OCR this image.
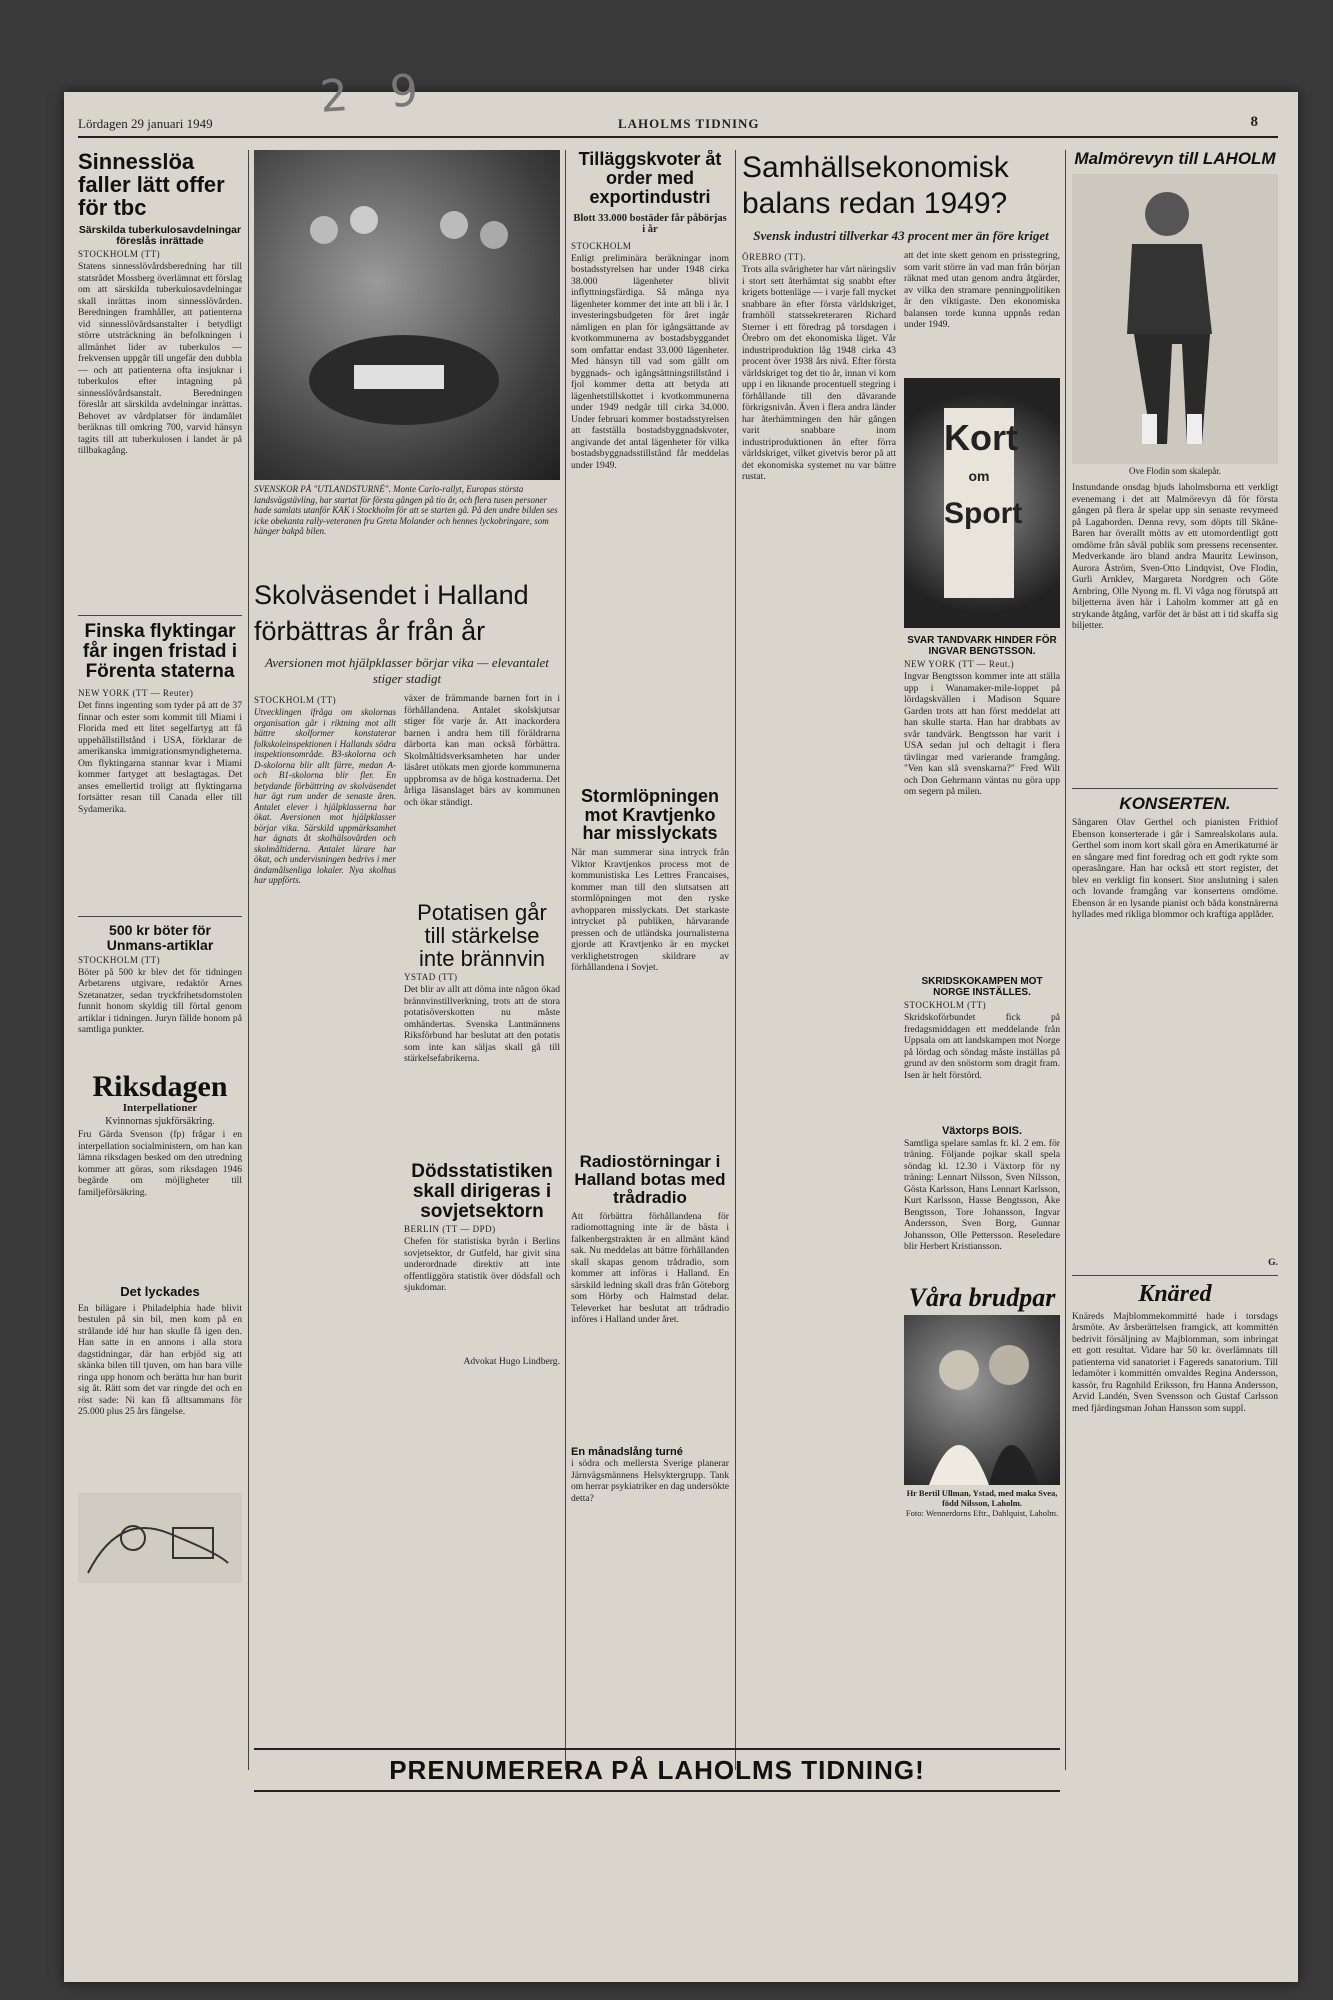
2 9
Lördagen 29 januari 1949	LAHOLMS TIDNING	8
Sinnesslöa faller lätt offer för tbc
Särskilda tuberkulosavdelningar föreslås inrättade
STOCKHOLM (TT)
Statens sinnesslövårdsberedning har till statsrådet Mossberg överlämnat ett förslag om att särskilda tuberkulosavdelningar skall inrättas inom sinnesslövården. Beredningen framhåller, att patienterna vid sinnesslövårdsanstalter i betydligt större utsträckning än befolkningen i allmänhet lider av tuberkulos — frekvensen uppgår till ungefär den dubbla — och att patienterna ofta insjuknar i tuberkulos efter intagning på sinnesslövårdsanstalt. Beredningen föreslår att särskilda avdelningar inrättas. Behovet av vårdplatser för ändamålet beräknas till omkring 700, varvid hänsyn tagits till att tuberkulosen i landet är på tillbakagång.
Finska flyktingar får ingen fristad i Förenta staterna
NEW YORK (TT — Reuter)
Det finns ingenting som tyder på att de 37 finnar och ester som kommit till Miami i Florida med ett litet segelfartyg att få uppehållstillstånd i USA, förklarar de amerikanska immigrationsmyndigheterna. Om flyktingarna stannar kvar i Miami kommer fartyget att beslagtagas. Det anses emellertid troligt att flyktingarna fortsätter resan till Canada eller till Sydamerika.
500 kr böter för Unmans-artiklar
STOCKHOLM (TT)
Böter på 500 kr blev det för tidningen Arbetarens utgivare, redaktör Arnes Szetanatzer, sedan tryckfrihetsdomstolen funnit honom skyldig till förtal genom artiklar i tidningen. Juryn fällde honom på samtliga punkter.
Riksdagen
Interpellationer
Kvinnornas sjukförsäkring.
Fru Gärda Svenson (fp) frågar i en interpellation socialministern, om han kan lämna riksdagen besked om den utredning kommer att göras, som riksdagen 1946 begärde om möjligheter till familjeförsäkring.
Det lyckades
En bilägare i Philadelphia hade blivit bestulen på sin bil, men kom på en strålande idé hur han skulle få igen den. Han satte in en annons i alla stora dagstidningar, där han erbjöd sig att skänka bilen till tjuven, om han bara ville ringa upp honom och berätta hur han burit sig åt. Rätt som det var ringde det och en röst sade: Ni kan få alltsammans för 25.000 plus 25 års fängelse.
SVENSKOR PÅ "UTLANDSTURNÉ". Monte Carlo-rallyt, Europas största landsvägstävling, har startat för första gången på tio år, och flera tusen personer hade samlats utanför KAK i Stockholm för att se starten gå. På den undre bilden ses icke obekanta rally-veteranen fru Greta Molander och hennes lyckobringare, som hänger bakpå bilen.
Skolväsendet i Halland förbättras år från år
Aversionen mot hjälpklasser börjar vika — elevantalet stiger stadigt
STOCKHOLM (TT)
Utvecklingen ifråga om skolornas organisation går i riktning mot allt bättre skolformer konstaterar folkskoleinspektionen i Hallands södra inspektionsområde. B3-skolorna och D-skolorna blir allt färre, medan A- och B1-skolorna blir fler. En betydande förbättring av skolväsendet har ägt rum under de senaste åren. Antalet elever i hjälpklasserna har ökat. Aversionen mot hjälpklasser börjar vika. Särskild uppmärksamhet har ägnats åt skolhälsovården och skolmåltiderna. Antalet lärare har ökat, och undervisningen bedrivs i mer ändamålsenliga lokaler. Nya skolhus har uppförts.
växer de främmande barnen fort in i förhållandena. Antalet skolskjutsar stiger för varje år. Att inackordera barnen i andra hem till föräldrarna därborta kan man också förbättra. Skolmåltidsverksamheten har under läsåret utökats men gjorde kommunerna uppbromsa av de höga kostnaderna. Det årliga läsanslaget bärs av kommunen och ökar ständigt.
Potatisen går till stärkelse inte brännvin
YSTAD (TT)
Det blir av allt att döma inte någon ökad brännvinstillverkning, trots att de stora potatisöverskotten nu måste omhändertas. Svenska Lantmännens Riksförbund har beslutat att den potatis som inte kan säljas skall gå till stärkelsefabrikerna.
Dödsstatistiken skall dirigeras i sovjetsektorn
BERLIN (TT — DPD)
Chefen för statistiska byrån i Berlins sovjetsektor, dr Gutfeld, har givit sina underordnade direktiv att inte offentliggöra statistik över dödsfall och sjukdomar.
Advokat Hugo Lindberg.
Tilläggskvoter åt order med exportindustri
Blott 33.000 bostäder får påbörjas i år
STOCKHOLM
Enligt preliminära beräkningar inom bostadsstyrelsen har under 1948 cirka 38.000 lägenheter blivit inflyttningsfärdiga. Så många nya lägenheter kommer det inte att bli i år. I investeringsbudgeten för året ingår nämligen en plan för igångsättande av kvotkommunerna av bostadsbyggandet som omfattar endast 33.000 lägenheter. Med hänsyn till vad som gällt om byggnads- och igångsättningstillstånd i fjol kommer detta att betyda att lägenhetstillskottet i kvotkommunerna under 1949 nedgår till cirka 34.000. Under februari kommer bostadsstyrelsen att fastställa bostadsbyggnadskvoter, angivande det antal lägenheter för vilka bostadsbyggnadsstillstånd får meddelas under 1949.
Stormlöpningen mot Kravtjenko har misslyckats
När man summerar sina intryck från Viktor Kravtjenkos process mot de kommunistiska Les Lettres Francaises, kommer man till den slutsatsen att stormlöpningen mot den ryske avhopparen misslyckats. Det starkaste intrycket på publiken, härvarande pressen och de utländska journalisterna gjorde att Kravtjenko är en mycket verklighetstrogen skildrare av förhållandena i Sovjet.
Radiostörningar i Halland botas med trådradio
Att förbättra förhållandena för radiomottagning inte är de bästa i falkenbergstrakten är en allmänt känd sak. Nu meddelas att bättre förhållanden skall skapas genom trådradio, som kommer att införas i Halland. En särskild ledning skall dras från Göteborg som Hörby och Halmstad delar. Televerket har beslutat att trådradio införes i Halland under året.
En månadslång turné
i södra och mellersta Sverige planerar Järnvägsmännens Helsyktergrupp. Tank om herrar psykiatriker en dag undersökte detta?
Samhällsekonomisk balans redan 1949?
Svensk industri tillverkar 43 procent mer än före kriget
ÖREBRO (TT).
Trots alla svårigheter har vårt näringsliv i stort sett återhämtat sig snabbt efter krigets bottenläge — i varje fall mycket snabbare än efter första världskriget, framhöll statssekreteraren Richard Sterner i ett föredrag på torsdagen i Örebro om det ekonomiska läget. Vår industriproduktion låg 1948 cirka 43 procent över 1938 års nivå. Efter första världskriget tog det tio år, innan vi kom upp i en liknande procentuell stegring i förhållande till den dåvarande förkrigsnivån. Även i flera andra länder har återhämtningen den här gången varit snabbare inom industriproduktionen än efter förra världskriget, vilket givetvis beror på att det ekonomiska systemet nu var bättre rustat.
att det inte skett genom en prisstegring, som varit större än vad man från början räknat med utan genom andra åtgärder, av vilka den stramare penningpolitiken är den viktigaste. Den ekonomiska balansen torde kunna uppnås redan under 1949.
Kort
om
Sport
SVAR TANDVARK HINDER FÖR INGVAR BENGTSSON.
NEW YORK (TT — Reut.)
Ingvar Bengtsson kommer inte att ställa upp i Wanamaker-mile-loppet på lördagskvällen i Madison Square Garden trots att han först meddelat att han skulle starta. Han har drabbats av svår tandvärk. Bengtsson har varit i USA sedan jul och deltagit i flera tävlingar med varierande framgång. "Ven kan slå svenskarna?" Fred Wilt och Don Gehrmann väntas nu göra upp om segern på milen.
SKRIDSKOKAMPEN MOT NORGE INSTÄLLES.
STOCKHOLM (TT)
Skridskoförbundet fick på fredagsmiddagen ett meddelande från Uppsala om att landskampen mot Norge på lördag och söndag måste inställas på grund av den snöstorm som dragit fram. Isen är helt förstörd.
Växtorps BOIS.
Samtliga spelare samlas fr. kl. 2 em. för träning. Följande pojkar skall spela söndag kl. 12.30 i Växtorp för ny träning: Lennart Nilsson, Sven Nilsson, Gösta Karlsson, Hans Lennart Karlsson, Kurt Karlsson, Hasse Bengtsson, Åke Bengtsson, Tore Johansson, Ingvar Andersson, Sven Borg, Gunnar Johansson, Olle Pettersson. Reseledare blir Herbert Kristiansson.
Våra brudpar
Hr Bertil Ullman, Ystad, med maka Svea, född Nilsson, Laholm.
Foto: Wennerdorns Eftr., Dahlquist, Laholm.
Malmörevyn till LAHOLM
Ove Flodin som skalepår.
Instundande onsdag bjuds laholmsborna ett verkligt evenemang i det att Malmörevyn då för första gången på flera år spelar upp sin senaste revymeed på Lagaborden. Denna revy, som döpts till Skåne-Baren har överallt mötts av ett utomordentligt gott omdöme från såväl publik som pressens recensenter. Medverkande äro bland andra Mauritz Lewinson, Aurora Åström, Sven-Otto Lindqvist, Ove Flodin, Gurli Arnklev, Margareta Nordgren och Göte Arnbring, Olle Nyong m. fl. Vi våga nog förutspå att biljetterna även här i Laholm kommer att gå en strykande åtgång, varför det är bäst att i tid skaffa sig biljetter.
KONSERTEN.
Sångaren Olav Gerthel och pianisten Frithiof Ebenson konserterade i går i Samrealskolans aula. Gerthel som inom kort skall göra en Amerikaturné är en sångare med fint foredrag och ett godt rykte som operasångare. Han har också ett stort register, det blev en verkligt fin konsert. Stor anslutning i salen och lovande framgång var konsertens omdöme. Ebenson är en lysande pianist och båda konstnärerna hyllades med rikliga blommor och kraftiga applåder.
G.
Knäred
Knäreds Majblommekommitté hade i torsdags årsmöte. Av årsberättelsen framgick, att kommittén bedrivit försäljning av Majblomman, som inbringat ett gott resultat. Vidare har 50 kr. överlämnats till patienterna vid sanatoriet i Fagereds sanatorium. Till ledamöter i kommittén omvaldes Regina Andersson, kassör, fru Ragnhild Eriksson, fru Hanna Andersson, Arvid Landén, Sven Svensson och Gustaf Carlsson med fjärdingsman Johan Hansson som suppl.
PRENUMERERA PÅ LAHOLMS TIDNING!
